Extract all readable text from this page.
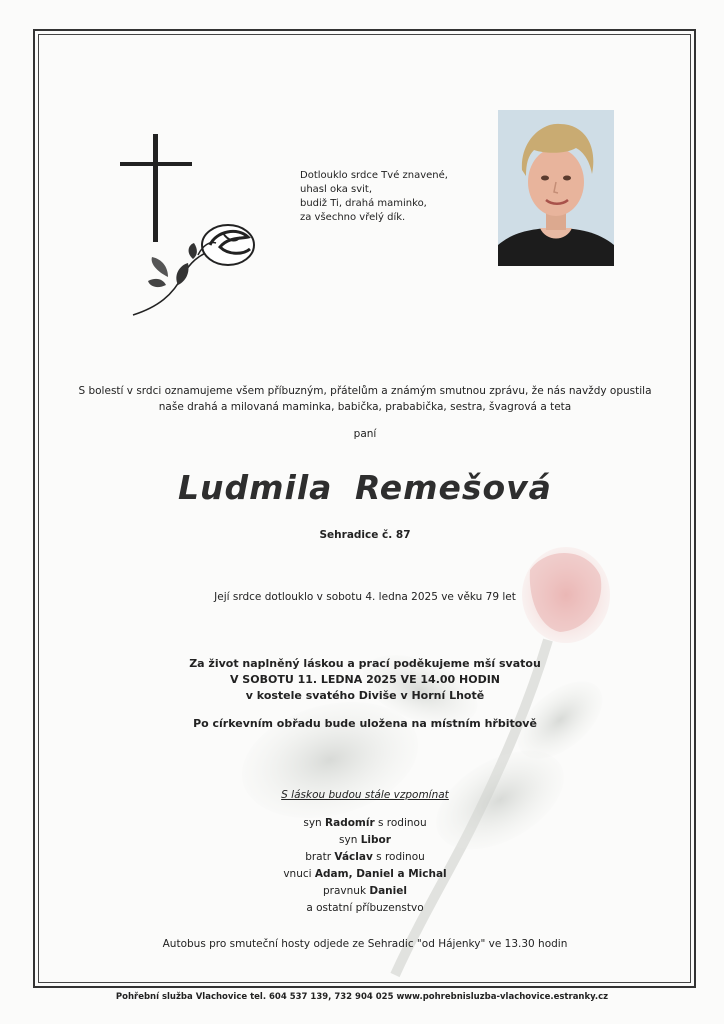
Dotlouklo srdce Tvé znavené,
uhasl oka svit,
budiž Ti, drahá maminko,
za všechno vřelý dík.
S bolestí v srdci oznamujeme všem příbuzným, přátelům a známým smutnou zprávu, že nás navždy opustila
naše drahá a milovaná maminka, babička, prababička, sestra, švagrová a teta
paní
Ludmila Remešová
Sehradice č. 87
Její srdce dotlouklo v sobotu 4. ledna 2025 ve věku 79 let
Za život naplněný láskou a prací poděkujeme mší svatou
V SOBOTU 11. LEDNA 2025 VE 14.00 HODIN
v kostele svatého Diviše v Horní Lhotě
Po církevním obřadu bude uložena na místním hřbitově
S láskou budou stále vzpomínat
syn Radomír s rodinou
syn Libor
bratr Václav s rodinou
vnuci Adam, Daniel a Michal
pravnuk Daniel
a ostatní příbuzenstvo
Autobus pro smuteční hosty odjede ze Sehradic "od Hájenky" ve 13.30 hodin
Pohřební služba Vlachovice tel. 604 537 139, 732 904 025 www.pohrebnisluzba-vlachovice.estranky.cz
